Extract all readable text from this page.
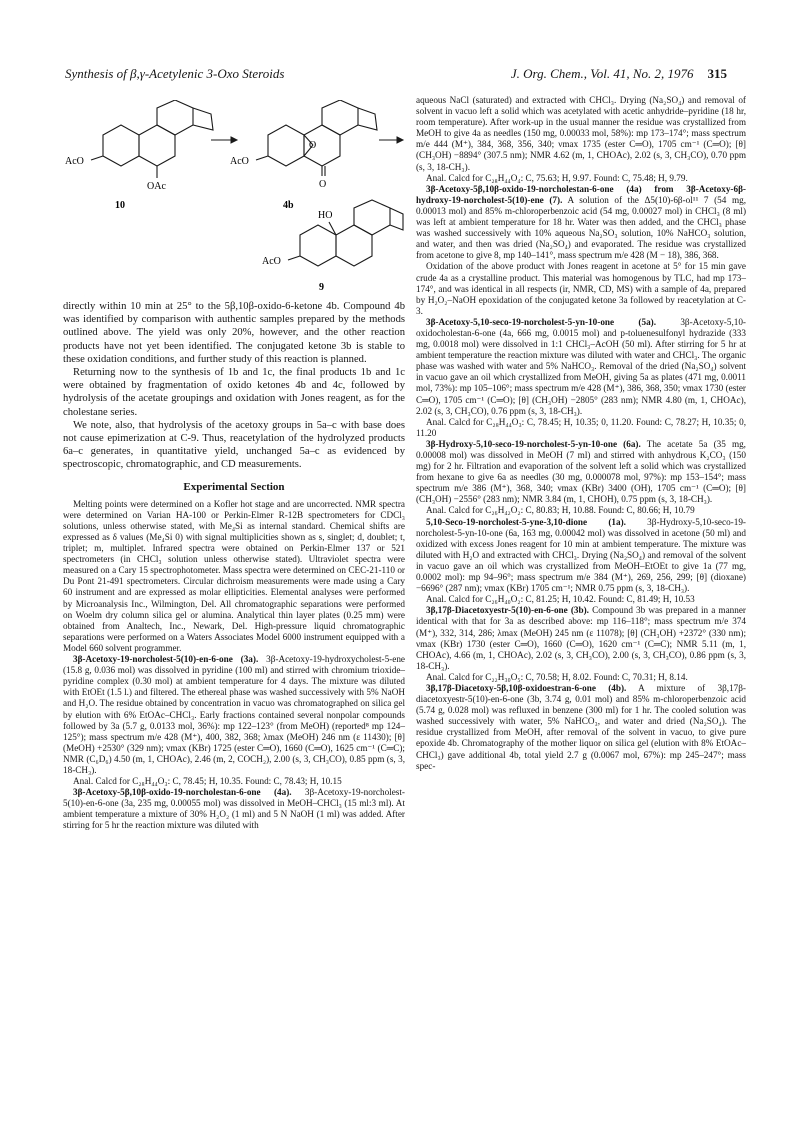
Synthesis of β,γ-Acetylenic 3-Oxo Steroids	J. Org. Chem., Vol. 41, No. 2, 1976 315
AcO
OAc
10
AcO
O
O
4b
HO
AcO
9

directly within 10 min at 25° to the 5β,10β-oxido-6-ketone 4b. Compound 4b was identified by comparison with authentic samples prepared by the methods outlined above. The yield was only 20%, however, and the other reaction products have not yet been identified. The conjugated ketone 3b is stable to these oxidation conditions, and further study of this reaction is planned.

Returning now to the synthesis of 1b and 1c, the final products 1b and 1c were obtained by fragmentation of oxido ketones 4b and 4c, followed by hydrolysis of the acetate groupings and oxidation with Jones reagent, as for the cholestane series.

We note, also, that hydrolysis of the acetoxy groups in 5a–c with base does not cause epimerization at C-9. Thus, reacetylation of the hydrolyzed products 6a–c generates, in quantitative yield, unchanged 5a–c as evidenced by spectroscopic, chromatographic, and CD measurements.

Experimental Section

Melting points were determined on a Kofler hot stage and are uncorrected. NMR spectra were determined on Varian HA-100 or Perkin-Elmer R-12B spectrometers for CDCl₃ solutions, unless otherwise stated, with Me₄Si as internal standard. Chemical shifts are expressed as δ values (Me₄Si 0) with signal multiplicities shown as s, singlet; d, doublet; t, triplet; m, multiplet. Infrared spectra were obtained on Perkin-Elmer 137 or 521 spectrometers (in CHCl₃ solution unless otherwise stated). Ultraviolet spectra were measured on a Cary 15 spectrophotometer. Mass spectra were determined on CEC-21-110 or Du Pont 21-491 spectrometers. Circular dichroism measurements were made using a Cary 60 instrument and are expressed as molar ellipticities. Elemental analyses were performed by Microanalysis Inc., Wilmington, Del. All chromatographic separations were performed on Woelm dry column silica gel or alumina. Analytical thin layer plates (0.25 mm) were obtained from Analtech, Inc., Newark, Del. High-pressure liquid chromatographic separations were performed on a Waters Associates Model 6000 instrument equipped with a Model 660 solvent programmer.

3β-Acetoxy-19-norcholest-5(10)-en-6-one (3a). 3β-Acetoxy-19-hydroxycholest-5-ene (15.8 g, 0.036 mol) was dissolved in pyridine (100 ml) and stirred with chromium trioxide–pyridine complex (0.30 mol) at ambient temperature for 4 days. The mixture was diluted with EtOEt (1.5 l.) and filtered. The ethereal phase was washed successively with 5% NaOH and H₂O. The residue obtained by concentration in vacuo was chromatographed on silica gel by elution with 6% EtOAc–CHCl₃. Early fractions contained several nonpolar compounds followed by 3a (5.7 g, 0.0133 mol, 36%): mp 122–123° (from MeOH) (reported⁸ mp 124–125°); mass spectrum m/e 428 (M⁺), 400, 382, 368; λmax (MeOH) 246 nm (ε 11430); [θ] (MeOH) +2530° (329 nm); νmax (KBr) 1725 (ester C═O), 1660 (C═O), 1625 cm⁻¹ (C═C); NMR (C₆D₆) 4.50 (m, 1, CHOAc), 2.46 (m, 2, COCH₂), 2.00 (s, 3, CH₃CO), 0.85 ppm (s, 3, 18-CH₃).

Anal. Calcd for C₂₈H₄₄O₃: C, 78.45; H, 10.35. Found: C, 78.43; H, 10.15

3β-Acetoxy-5β,10β-oxido-19-norcholestan-6-one (4a). 3β-Acetoxy-19-norcholest-5(10)-en-6-one (3a, 235 mg, 0.00055 mol) was dissolved in MeOH–CHCl₃ (15 ml:3 ml). At ambient temperature a mixture of 30% H₂O₂ (1 ml) and 5 N NaOH (1 ml) was added. After stirring for 5 hr the reaction mixture was diluted with

aqueous NaCl (saturated) and extracted with CHCl₃. Drying (Na₂SO₄) and removal of solvent in vacuo left a solid which was acetylated with acetic anhydride–pyridine (18 hr, room temperature). After work-up in the usual manner the residue was crystallized from MeOH to give 4a as needles (150 mg, 0.00033 mol, 58%): mp 173–174°; mass spectrum m/e 444 (M⁺), 384, 368, 356, 340; νmax 1735 (ester C═O), 1705 cm⁻¹ (C═O); [θ] (CH₃OH) −8894° (307.5 nm); NMR 4.62 (m, 1, CHOAc), 2.02 (s, 3, CH₃CO), 0.70 ppm (s, 3, 18-CH₃).

Anal. Calcd for C₂₈H₄₄O₄: C, 75.63; H, 9.97. Found: C, 75.48; H, 9.79.

3β-Acetoxy-5β,10β-oxido-19-norcholestan-6-one (4a) from 3β-Acetoxy-6β-hydroxy-19-norcholest-5(10)-ene (7). A solution of the Δ5(10)-6β-ol¹¹ 7 (54 mg, 0.00013 mol) and 85% m-chloroperbenzoic acid (54 mg, 0.00027 mol) in CHCl₃ (8 ml) was left at ambient temperature for 18 hr. Water was then added, and the CHCl₃ phase was washed successively with 10% aqueous Na₂SO₃ solution, 10% NaHCO₃ solution, and water, and then was dried (Na₂SO₄) and evaporated. The residue was crystallized from acetone to give 8, mp 140–141°, mass spectrum m/e 428 (M − 18), 386, 368.

Oxidation of the above product with Jones reagent in acetone at 5° for 15 min gave crude 4a as a crystalline product. This material was homogenous by TLC, had mp 173–174°, and was identical in all respects (ir, NMR, CD, MS) with a sample of 4a, prepared by H₂O₂–NaOH epoxidation of the conjugated ketone 3a followed by reacetylation at C-3.

3β-Acetoxy-5,10-seco-19-norcholest-5-yn-10-one (5a). 3β-Acetoxy-5,10-oxidocholestan-6-one (4a, 666 mg, 0.0015 mol) and p-toluenesulfonyl hydrazide (333 mg, 0.0018 mol) were dissolved in 1:1 CHCl₃–AcOH (50 ml). After stirring for 5 hr at ambient temperature the reaction mixture was diluted with water and CHCl₃. The organic phase was washed with water and 5% NaHCO₃. Removal of the dried (Na₂SO₄) solvent in vacuo gave an oil which crystallized from MeOH, giving 5a as plates (471 mg, 0.0011 mol, 73%): mp 105–106°; mass spectrum m/e 428 (M⁺), 386, 368, 350; νmax 1730 (ester C═O), 1705 cm⁻¹ (C═O); [θ] (CH₃OH) −2805° (283 nm); NMR 4.80 (m, 1, CHOAc), 2.02 (s, 3, CH₃CO), 0.76 ppm (s, 3, 18-CH₃).

Anal. Calcd for C₂₈H₄₄O₃: C, 78.45; H, 10.35; 0, 11.20. Found: C, 78.27; H, 10.35; 0, 11.20

3β-Hydroxy-5,10-seco-19-norcholest-5-yn-10-one (6a). The acetate 5a (35 mg, 0.00008 mol) was dissolved in MeOH (7 ml) and stirred with anhydrous K₂CO₃ (150 mg) for 2 hr. Filtration and evaporation of the solvent left a solid which was crystallized from hexane to give 6a as needles (30 mg, 0.000078 mol, 97%): mp 153–154°; mass spectrum m/e 386 (M⁺), 368, 340; νmax (KBr) 3400 (OH), 1705 cm⁻¹ (C═O); [θ] (CH₃OH) −2556° (283 nm); NMR 3.84 (m, 1, CHOH), 0.75 ppm (s, 3, 18-CH₃).

Anal. Calcd for C₂₆H₄₂O₂: C, 80.83; H, 10.88. Found: C, 80.66; H, 10.79

5,10-Seco-19-norcholest-5-yne-3,10-dione (1a). 3β-Hydroxy-5,10-seco-19-norcholest-5-yn-10-one (6a, 163 mg, 0.00042 mol) was dissolved in acetone (50 ml) and oxidized with excess Jones reagent for 10 min at ambient temperature. The mixture was diluted with H₂O and extracted with CHCl₃. Drying (Na₂SO₄) and removal of the solvent in vacuo gave an oil which was crystallized from MeOH–EtOEt to give 1a (77 mg, 0.0002 mol): mp 94–96°; mass spectrum m/e 384 (M⁺), 269, 256, 299; [θ] (dioxane) −6696° (287 nm); νmax (KBr) 1705 cm⁻¹; NMR 0.75 ppm (s, 3, 18-CH₃).

Anal. Calcd for C₂₆H₄₀O₂: C, 81.25; H, 10.42. Found: C, 81.49; H, 10.53

3β,17β-Diacetoxyestr-5(10)-en-6-one (3b). Compound 3b was prepared in a manner identical with that for 3a as described above: mp 116–118°; mass spectrum m/e 374 (M⁺), 332, 314, 286; λmax (MeOH) 245 nm (ε 11078); [θ] (CH₃OH) +2372° (330 nm); νmax (KBr) 1730 (ester C═O), 1660 (C═O), 1620 cm⁻¹ (C═C); NMR 5.11 (m, 1, CHOAc), 4.66 (m, 1, CHOAc), 2.02 (s, 3, CH₃CO), 2.00 (s, 3, CH₃CO), 0.86 ppm (s, 3, 18-CH₃).

Anal. Calcd for C₂₂H₃₀O₅: C, 70.58; H, 8.02. Found: C, 70.31; H, 8.14.

3β,17β-Diacetoxy-5β,10β-oxidoestran-6-one (4b). A mixture of 3β,17β-diacetoxyestr-5(10)-en-6-one (3b, 3.74 g, 0.01 mol) and 85% m-chloroperbenzoic acid (5.74 g, 0.028 mol) was refluxed in benzene (300 ml) for 1 hr. The cooled solution was washed successively with water, 5% NaHCO₃, and water and dried (Na₂SO₄). The residue crystallized from MeOH, after removal of the solvent in vacuo, to give pure epoxide 4b. Chromatography of the mother liquor on silica gel (elution with 8% EtOAc–CHCl₃) gave additional 4b, total yield 2.7 g (0.0067 mol, 67%): mp 245–247°; mass spec-
